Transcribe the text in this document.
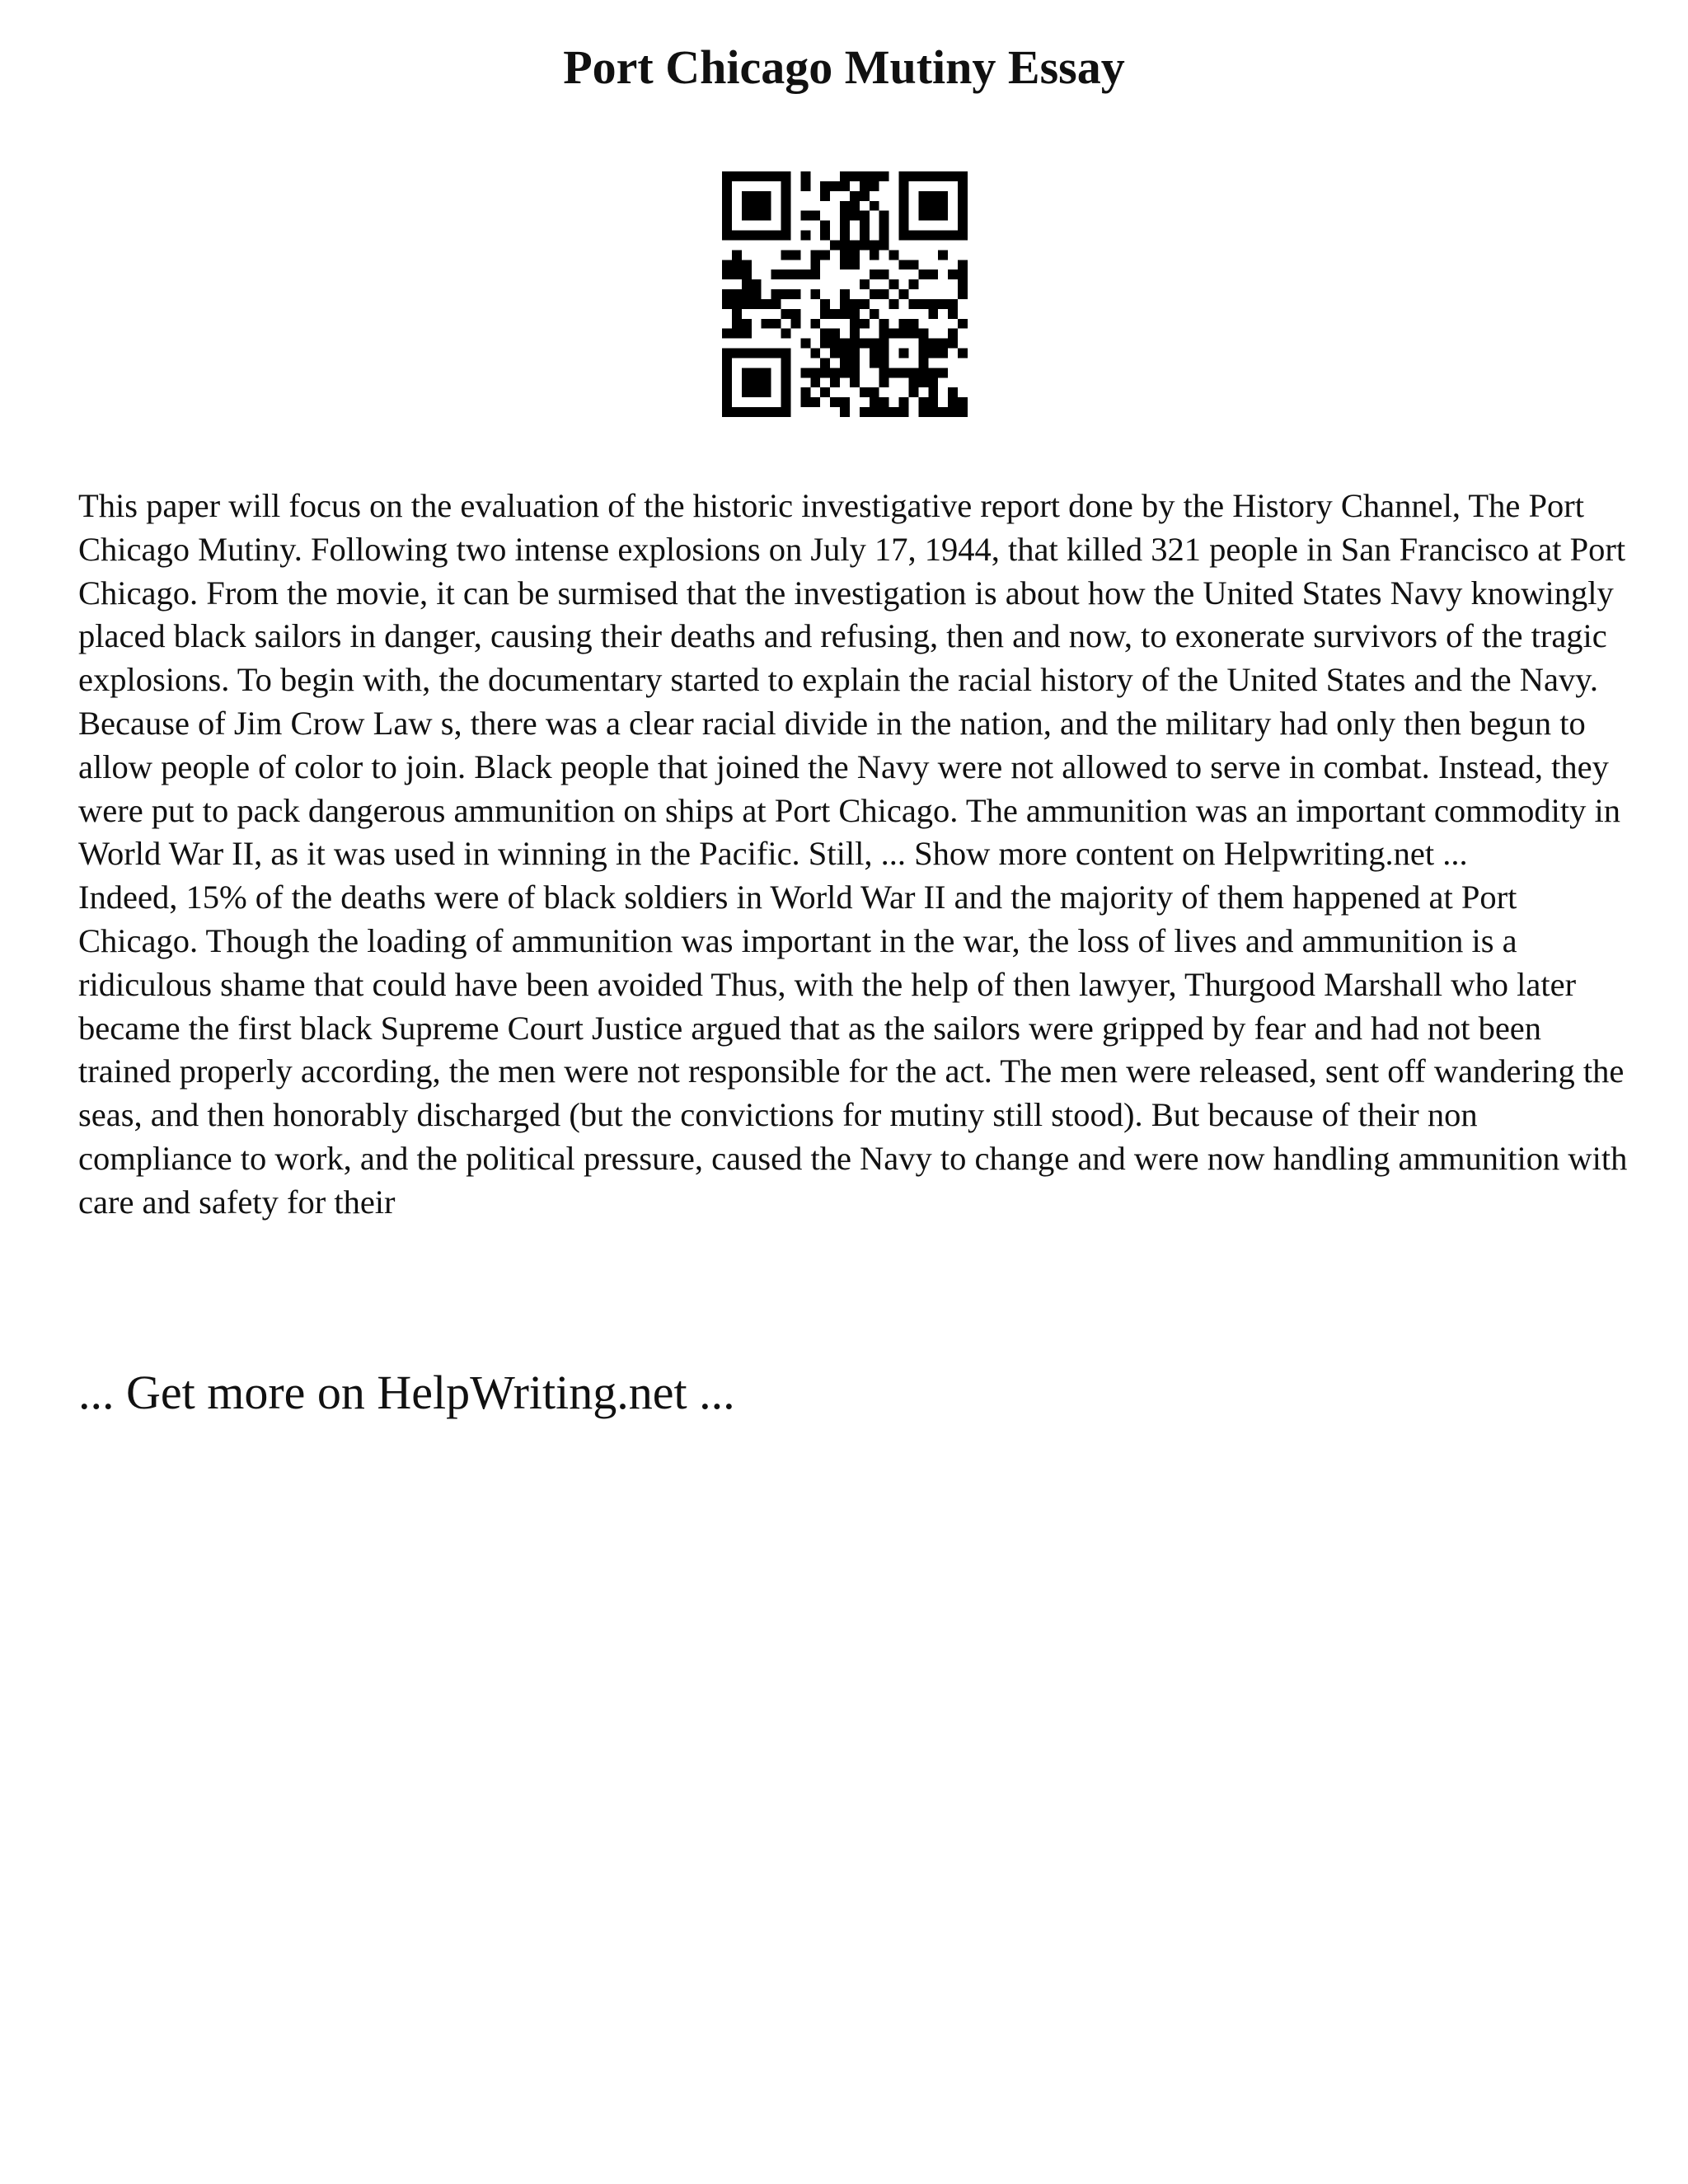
Port Chicago Mutiny Essay

This paper will focus on the evaluation of the historic investigative report done by the History Channel, The Port Chicago Mutiny. Following two intense explosions on July 17, 1944, that killed 321 people in San Francisco at Port Chicago. From the movie, it can be surmised that the investigation is about how the United States Navy knowingly placed black sailors in danger, causing their deaths and refusing, then and now, to exonerate survivors of the tragic explosions. To begin with, the documentary started to explain the racial history of the United States and the Navy. Because of Jim Crow Law s, there was a clear racial divide in the nation, and the military had only then begun to allow people of color to join. Black people that joined the Navy were not allowed to serve in combat. Instead, they were put to pack dangerous ammunition on ships at Port Chicago. The ammunition was an important commodity in World War II, as it was used in winning in the Pacific. Still, ... Show more content on Helpwriting.net ...

Indeed, 15% of the deaths were of black soldiers in World War II and the majority of them happened at Port Chicago. Though the loading of ammunition was important in the war, the loss of lives and ammunition is a ridiculous shame that could have been avoided Thus, with the help of then lawyer, Thurgood Marshall who later became the first black Supreme Court Justice argued that as the sailors were gripped by fear and had not been trained properly according, the men were not responsible for the act. The men were released, sent off wandering the seas, and then honorably discharged (but the convictions for mutiny still stood). But because of their non compliance to work, and the political pressure, caused the Navy to change and were now handling ammunition with care and safety for their

... Get more on HelpWriting.net ...
